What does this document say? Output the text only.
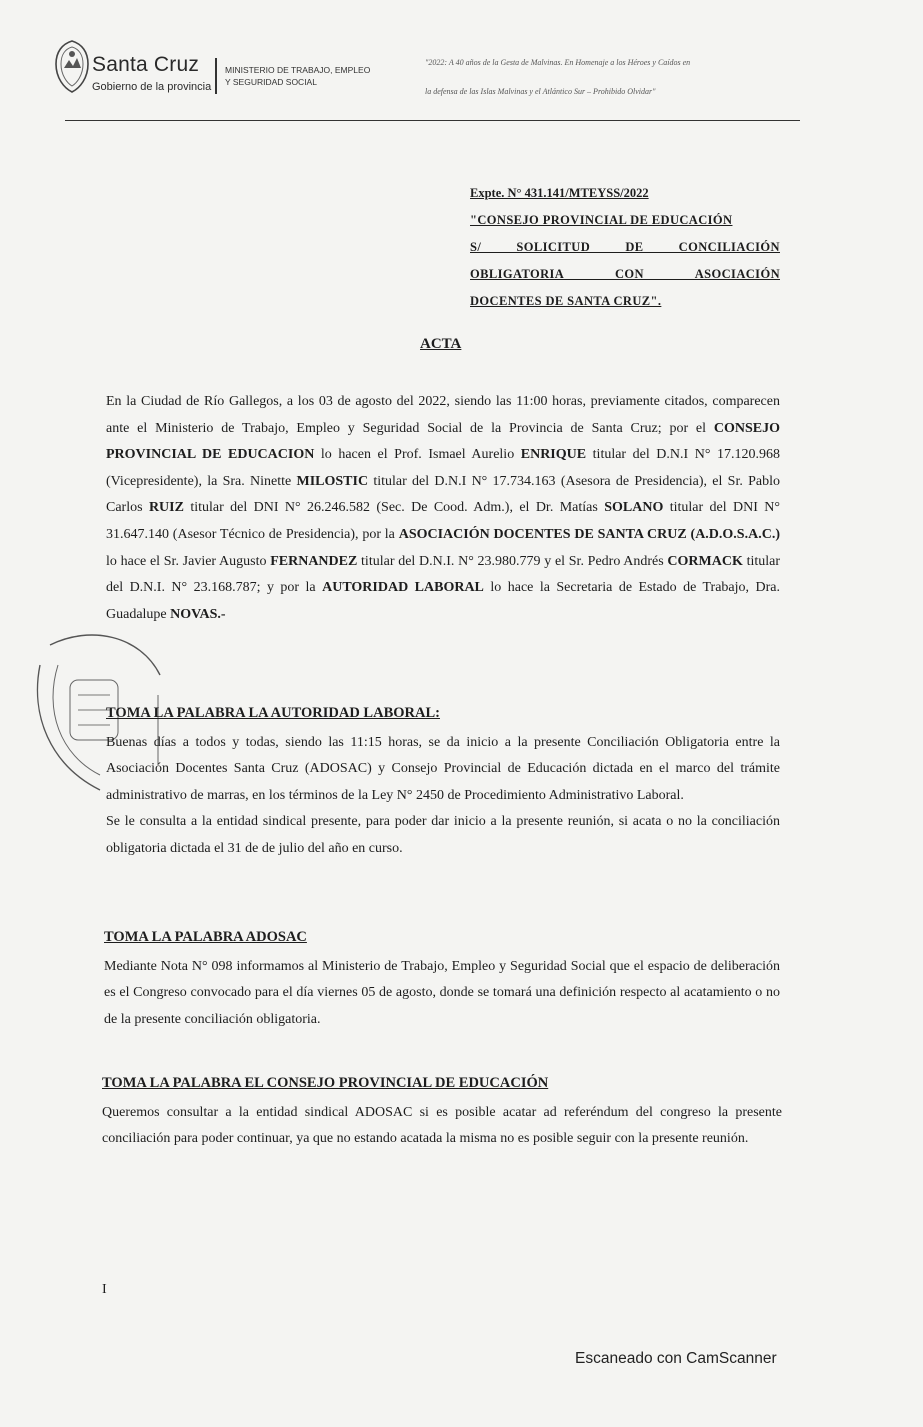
Santa Cruz
Gobierno de la provincia
MINISTERIO DE TRABAJO, EMPLEO
Y SEGURIDAD SOCIAL
"2022: A 40 años de la Gesta de Malvinas. En Homenaje a los Héroes y Caídos en
la defensa de las Islas Malvinas y el Atlántico Sur – Prohibido Olvidar"
Expte. N° 431.141/MTEYSS/2022
"CONSEJO PROVINCIAL DE EDUCACIÓN
S/ SOLICITUD DE CONCILIACIÓN
OBLIGATORIA CON ASOCIACIÓN
DOCENTES DE SANTA CRUZ".
ACTA

En la Ciudad de Río Gallegos, a los 03 de agosto del 2022, siendo las 11:00 horas, previamente citados, comparecen ante el Ministerio de Trabajo, Empleo y Seguridad Social de la Provincia de Santa Cruz; por el CONSEJO PROVINCIAL DE EDUCACION lo hacen el Prof. Ismael Aurelio ENRIQUE titular del D.N.I N° 17.120.968 (Vicepresidente), la Sra. Ninette MILOSTIC titular del D.N.I N° 17.734.163 (Asesora de Presidencia), el Sr. Pablo Carlos RUIZ titular del DNI N° 26.246.582 (Sec. De Cood. Adm.), el Dr. Matías SOLANO titular del DNI N° 31.647.140 (Asesor Técnico de Presidencia), por la ASOCIACIÓN DOCENTES DE SANTA CRUZ (A.D.O.S.A.C.) lo hace el Sr. Javier Augusto FERNANDEZ titular del D.N.I. N° 23.980.779 y el Sr. Pedro Andrés CORMACK titular del D.N.I. N° 23.168.787; y por la AUTORIDAD LABORAL lo hace la Secretaria de Estado de Trabajo, Dra. Guadalupe NOVAS.-

TOMA LA PALABRA LA AUTORIDAD LABORAL:

Buenas días a todos y todas, siendo las 11:15 horas, se da inicio a la presente Conciliación Obligatoria entre la Asociación Docentes Santa Cruz (ADOSAC) y Consejo Provincial de Educación dictada en el marco del trámite administrativo de marras, en los términos de la Ley N° 2450 de Procedimiento Administrativo Laboral.

Se le consulta a la entidad sindical presente, para poder dar inicio a la presente reunión, si acata o no la conciliación obligatoria dictada el 31 de de julio del año en curso.

TOMA LA PALABRA ADOSAC

Mediante Nota N° 098 informamos al Ministerio de Trabajo, Empleo y Seguridad Social que el espacio de deliberación es el Congreso convocado para el día viernes 05 de agosto, donde se tomará una definición respecto al acatamiento o no de la presente conciliación obligatoria.

TOMA LA PALABRA EL CONSEJO PROVINCIAL DE EDUCACIÓN

Queremos consultar a la entidad sindical ADOSAC si es posible acatar ad referéndum del congreso la presente conciliación para poder continuar, ya que no estando acatada la misma no es posible seguir con la presente reunión.

I
Escaneado con CamScanner
